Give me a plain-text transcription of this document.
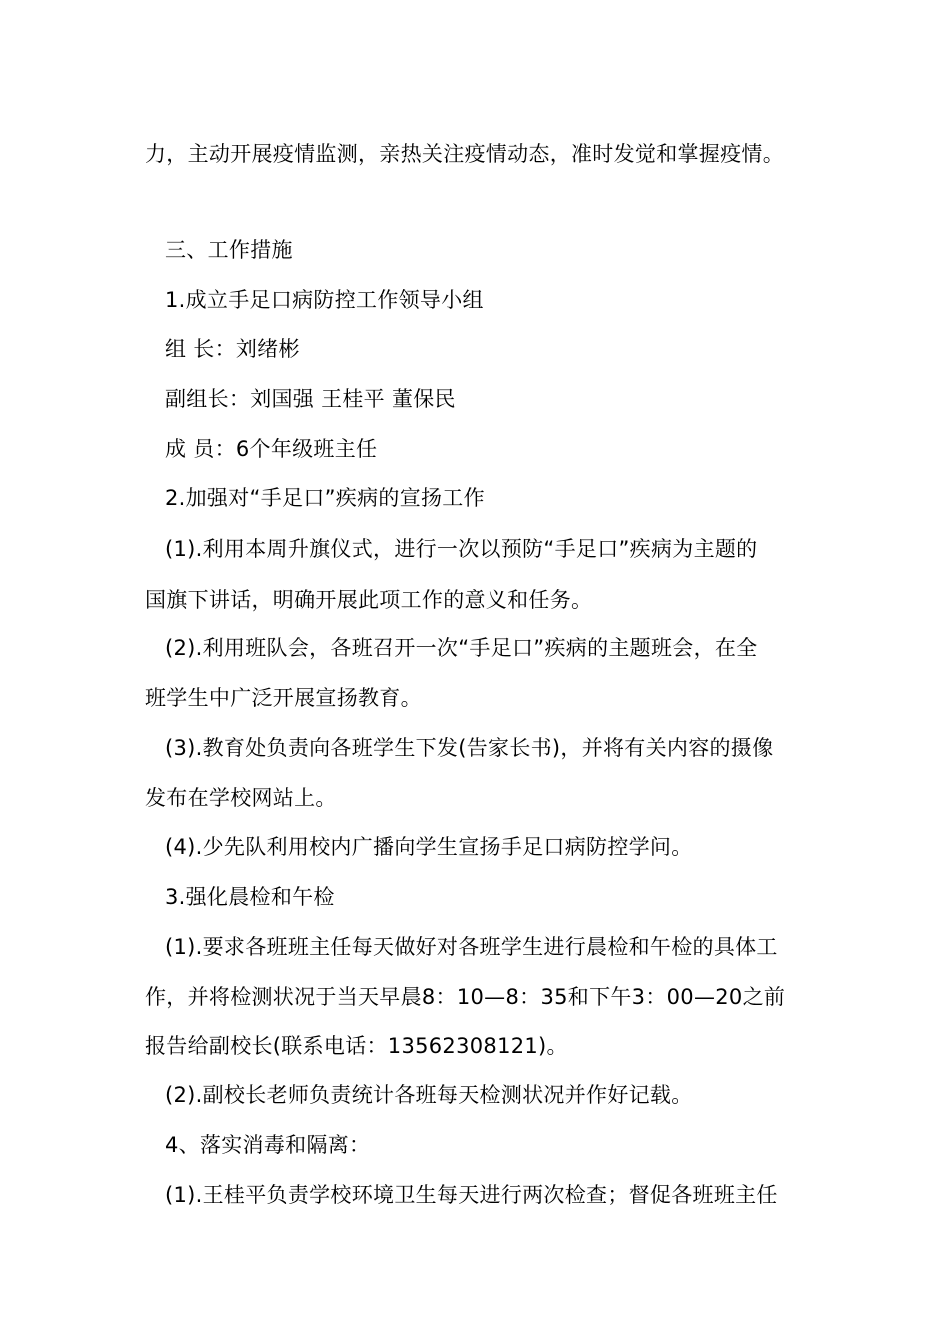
力，主动开展疫情监测，亲热关注疫情动态，准时发觉和掌握疫情。
三、工作措施
1.成立手足口病防控工作领导小组
组 长：刘绪彬
副组长：刘国强 王桂平 董保民
成 员：6个年级班主任
2.加强对“手足口”疾病的宣扬工作
(1).利用本周升旗仪式，进行一次以预防“手足口”疾病为主题的
国旗下讲话，明确开展此项工作的意义和任务。
(2).利用班队会，各班召开一次“手足口”疾病的主题班会，在全
班学生中广泛开展宣扬教育。
(3).教育处负责向各班学生下发(告家长书)，并将有关内容的摄像
发布在学校网站上。
(4).少先队利用校内广播向学生宣扬手足口病防控学问。
3.强化晨检和午检
(1).要求各班班主任每天做好对各班学生进行晨检和午检的具体工
作，并将检测状况于当天早晨8：10—8：35和下午3：00—20之前
报告给副校长(联系电话：13562308121)。
(2).副校长老师负责统计各班每天检测状况并作好记载。
4、落实消毒和隔离：
(1).王桂平负责学校环境卫生每天进行两次检查；督促各班班主任
